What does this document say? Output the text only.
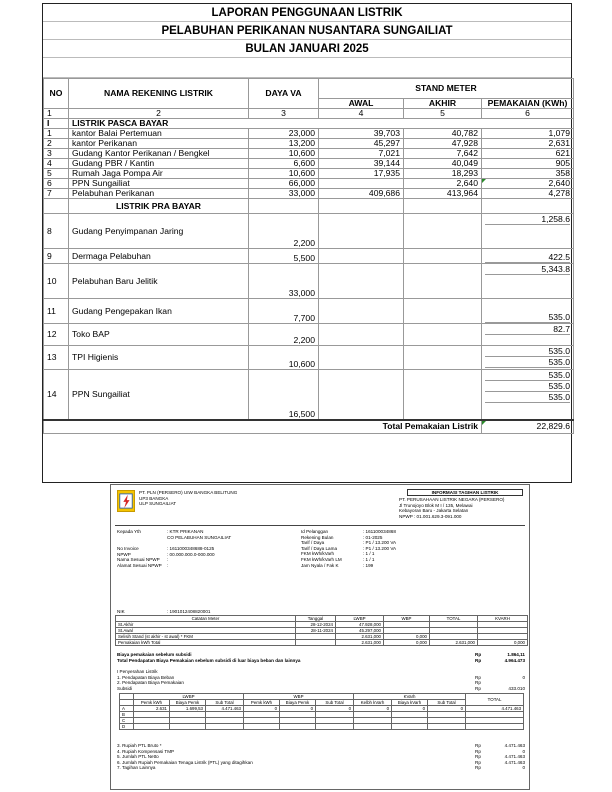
LAPORAN PENGGUNAAN LISTRIK
PELABUHAN PERIKANAN NUSANTARA SUNGAILIAT
BULAN JANUARI 2025
NO	NAMA REKENING LISTRIK	DAYA VA	STAND METER		
			AWAL	AKHIR	PEMAKAIAN (KWh)
1	2	3	4	5	6
I	LISTRIK PASCA BAYAR				
1	kantor Balai Pertemuan	23,000	39,703	40,782	1,079
2	kantor Perikanan	13,200	45,297	47,928	2,631
3	Gudang Kantor Perikanan / Bengkel	10,600	7,021	7,642	621
4	Gudang PBR / Kantin	6,600	39,144	40,049	905
5	Rumah Jaga Pompa Air	10,600	17,935	18,293	358
6	PPN Sungailiat	66,000		2,640	2,640
7	Pelabuhan Perikanan	33,000	409,686	413,964	4,278
	LISTRIK PRA BAYAR				
8	Gudang Penyimpanan Jaring	2,200			1,258.6

9	Dermaga Pelabuhan	5,500			422.5

10	Pelabuhan Baru Jelitik	33,000			5,343.8

11	Gudang Pengepakan Ikan	7,700			535.0

12	Toko BAP	2,200			82.7

13	TPI Higienis	10,600			535.0
535.0

14	PPN Sungailiat	16,500			535.0
535.0
535.0

Total Pemakaian Listrik					22,829.6
PT. PLN (PERSERO) UIW BANGKA BELITUNG
UP3 BANGKA
ULP SUNGAILIAT
INFORMASI TAGIHAN LISTRIK
PT. PERUSAHAAN LISTRIK NEGARA (PERSERO)
Jl Trunojoyo Blok M I / 135, Melawai
Kebayoran Baru - Jakarta Selatan
NPWP : 01.001.629.3-091.000
Kepada Yth	: KTR PRIKANAN
CO PELABUHAN SUNGAILIAT
No Invoice	: 1611000348688-0125
NPWP	: 00.000.000.0-000.000
Nama Sesuai NPWP	:
Alamat Sesuai NPWP	:
NIK	: 1901012408820001
Id Pelanggan	: 161100034868
Rekening Bulan	: 01-2025
Tarif / Daya	: P1 / 13.200 VA
Tarif / Daya Lama	: P1 / 13.200 VA
FKM kWh/kVarh	: 1 / 1
FKM kWh/kVarh LM	: 1 / 1
Jam Nyala / Fak K	: 199
Catatan Meter	Tanggal	LWBP	WBP	TOTAL	KVARH
St.Akhir	28-12-2024	47.928,000			
St.Awal	28-11-2024	45.297,000			
Selisih Stand (st akhir - st awal) * FKM		2.631,000	0,000		
Pemakaian kWh Total		2.631,000	0,000	2.631,000	0,000
Biaya pemakaian sebelum subsidi	Rp	1.864,11
Total Pendapatan Biaya Pemakaian sebelum subsidi di luar biaya beban dan lainnya	Rp	4.964.473
I Penyerahan Listrik
1. Pendapatan Biaya Beban	Rp	0
2. Pendapatan Biaya Pemakaian	Rp
Subsidi	Rp	433.010
	LWBP			WBP			KVarh			TOTAL
	Pemk kWh	Biaya Pemk	Sub Total	Pemk kWh	Biaya Pemk	Sub Total	Kelbh kVarh	Biaya kVarh	Sub Total	
A	2.631	1.699,53	4.471.463	0	0	0	0	0	0	4.471.463
B										
C										
D										
3. Rupiah PTL Bruto *	Rp	4.471.463
4. Rupiah Kompensasi TMP	Rp	0
5. Jumlah PTL Netto	Rp	4.471.463
6. Jumlah Rupiah Pemakaian Tenaga Listrik (PTL) yang ditagihkan	Rp	4.471.463
7. Tagihan Lainnya	Rp	0
